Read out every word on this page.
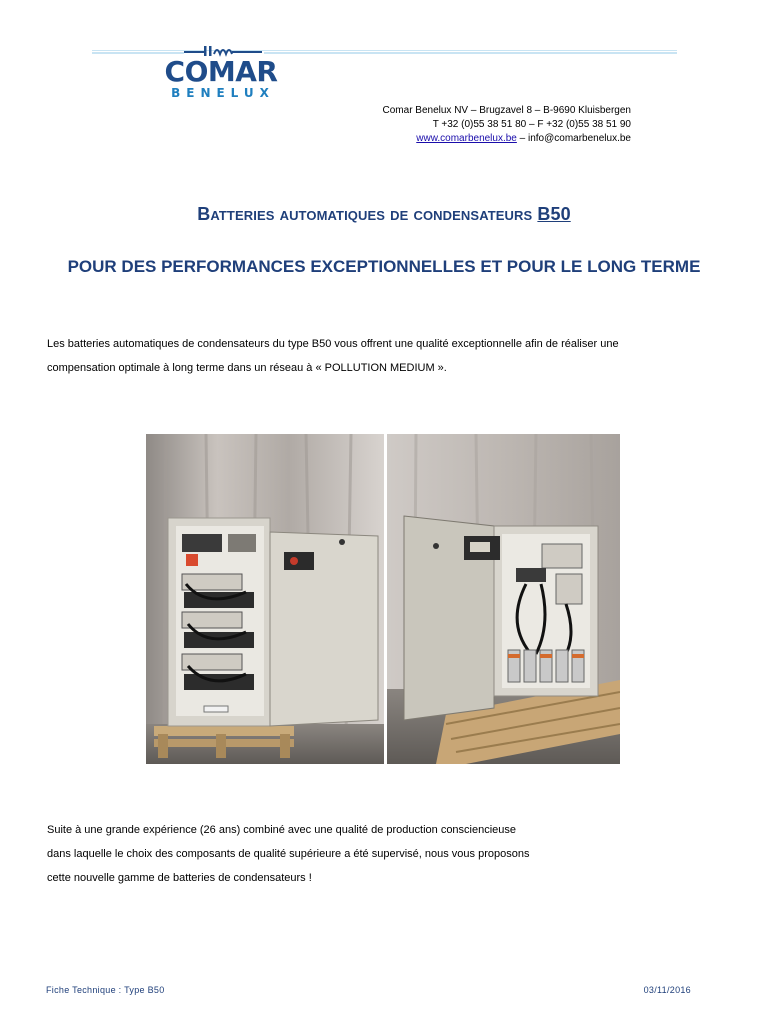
COMAR
BENELUX
Comar Benelux NV – Brugzavel 8 – B-9690 Kluisbergen
T +32 (0)55 38 51 80 – F +32 (0)55 38 51 90
www.comarbenelux.be – info@comarbenelux.be
Batteries automatiques de condensateurs B50
POUR DES PERFORMANCES EXCEPTIONNELLES ET POUR LE LONG TERME
Les batteries automatiques de condensateurs du type B50 vous offrent une qualité exceptionnelle afin de réaliser une
compensation optimale à long terme dans un réseau à « POLLUTION MEDIUM ».
Suite à une grande expérience (26 ans) combiné avec une qualité de production consciencieuse
dans laquelle le choix des composants de qualité supérieure a été supervisé, nous vous proposons
cette nouvelle gamme de batteries de condensateurs !
Fiche Technique : Type B50	03/11/2016
